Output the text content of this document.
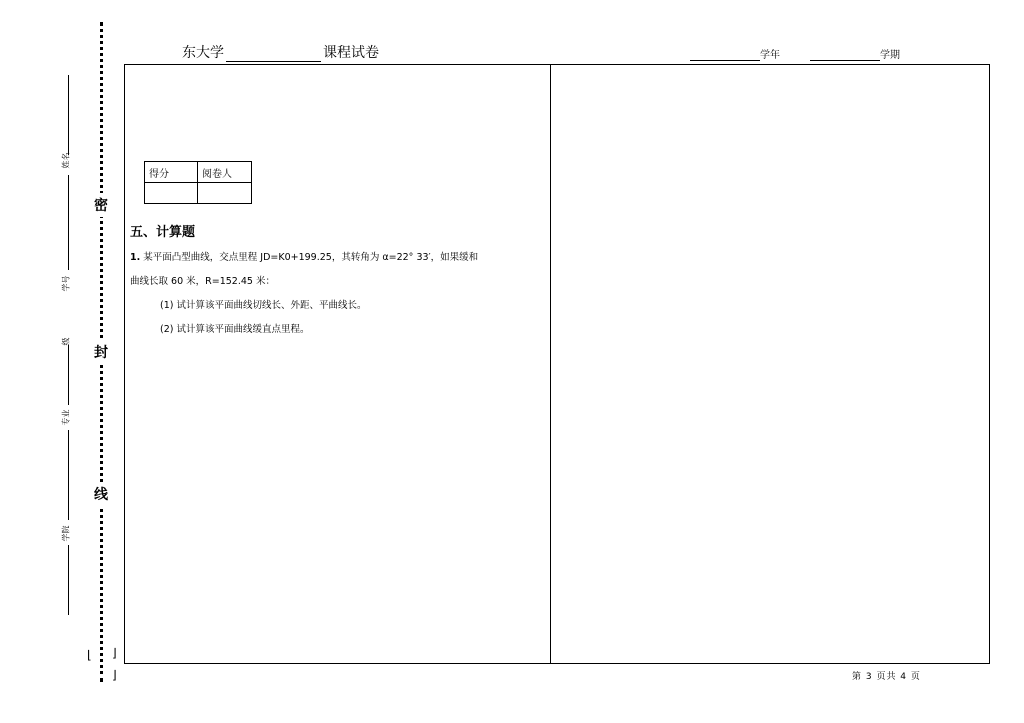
东大学	课程试卷	学年	学期
密
封
线
姓名
学号
级
专业
学院
⌊ ⌋
⌋
得分	阅卷人

五、计算题
1. 某平面凸型曲线，交点里程 JD=K0+199.25，其转角为 α=22° 33′，如果缓和
曲线长取 60 米，R=152.45 米：
(1) 试计算该平面曲线切线长、外距、平曲线长。
(2) 试计算该平面曲线缓直点里程。
第 3 页共 4 页
